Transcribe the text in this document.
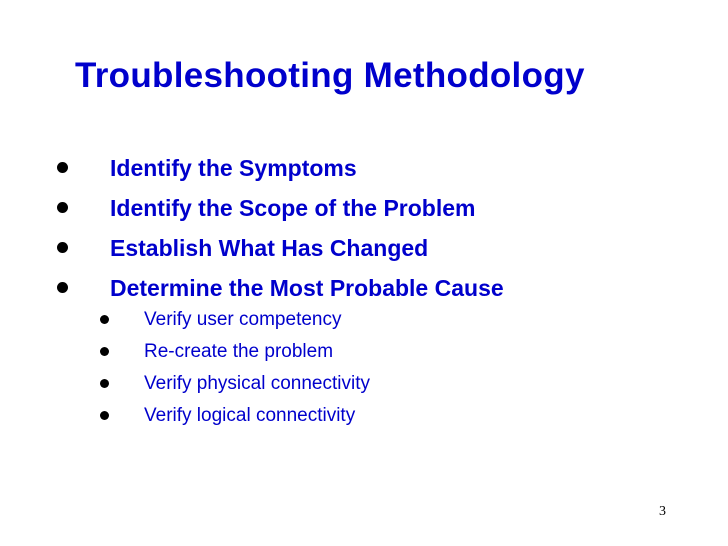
Troubleshooting Methodology
Identify the Symptoms
Identify the Scope of the Problem
Establish What Has Changed
Determine the Most Probable Cause
Verify user competency
Re-create the problem
Verify physical connectivity
Verify logical connectivity
3
